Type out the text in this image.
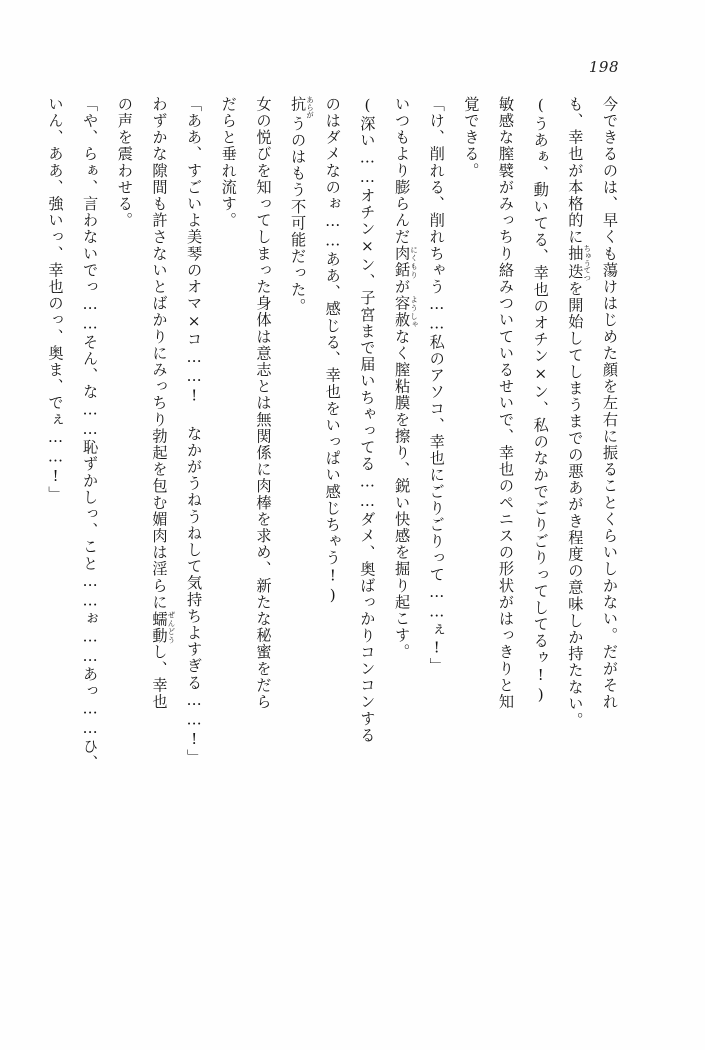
198

今できるのは、早くも蕩けはじめた顔を左右に振ることくらいしかない。だがそれ

も、幸也が本格的に抽迭ちゅうてつを開始してしまうまでの悪あがき程度の意味しか持たない。

(うあぁ、動いてる、幸也のオチン×ン、私のなかでごりごりってしてるゥ!)

敏感な膣襞がみっちり絡みついているせいで、幸也のペニスの形状がはっきりと知

覚できる。

「け、削れる、削れちゃう……私のアソコ、幸也にごりごりって……ぇ!」

いつもより膨らんだ肉銛にくもりが容赦ようしゃなく膣粘膜を擦り、鋭い快感を掘り起こす。

(深い……オチン×ン、子宮まで届いちゃってる……ダメ、奥ばっかりコンコンする

のはダメなのぉ……ああ、感じる、幸也をいっぱい感じちゃう!)

抗あらがうのはもう不可能だった。

女の悦びを知ってしまった身体は意志とは無関係に肉棒を求め、新たな秘蜜をだら

だらと垂れ流す。

「ああ、すごいよ美琴のオマ×コ……! なかがうねうねして気持ちよすぎる……!」

わずかな隙間も許さないとばかりにみっちり勃起を包む媚肉は淫らに蠕動ぜんどうし、幸也

の声を震わせる。

「や、らぁ、言わないでっ……そん、な……恥ずかしっ、こと……ぉ……あっ……ひ、

いん、ああ、強いっ、幸也のっ、奥ま、でぇ……!」
